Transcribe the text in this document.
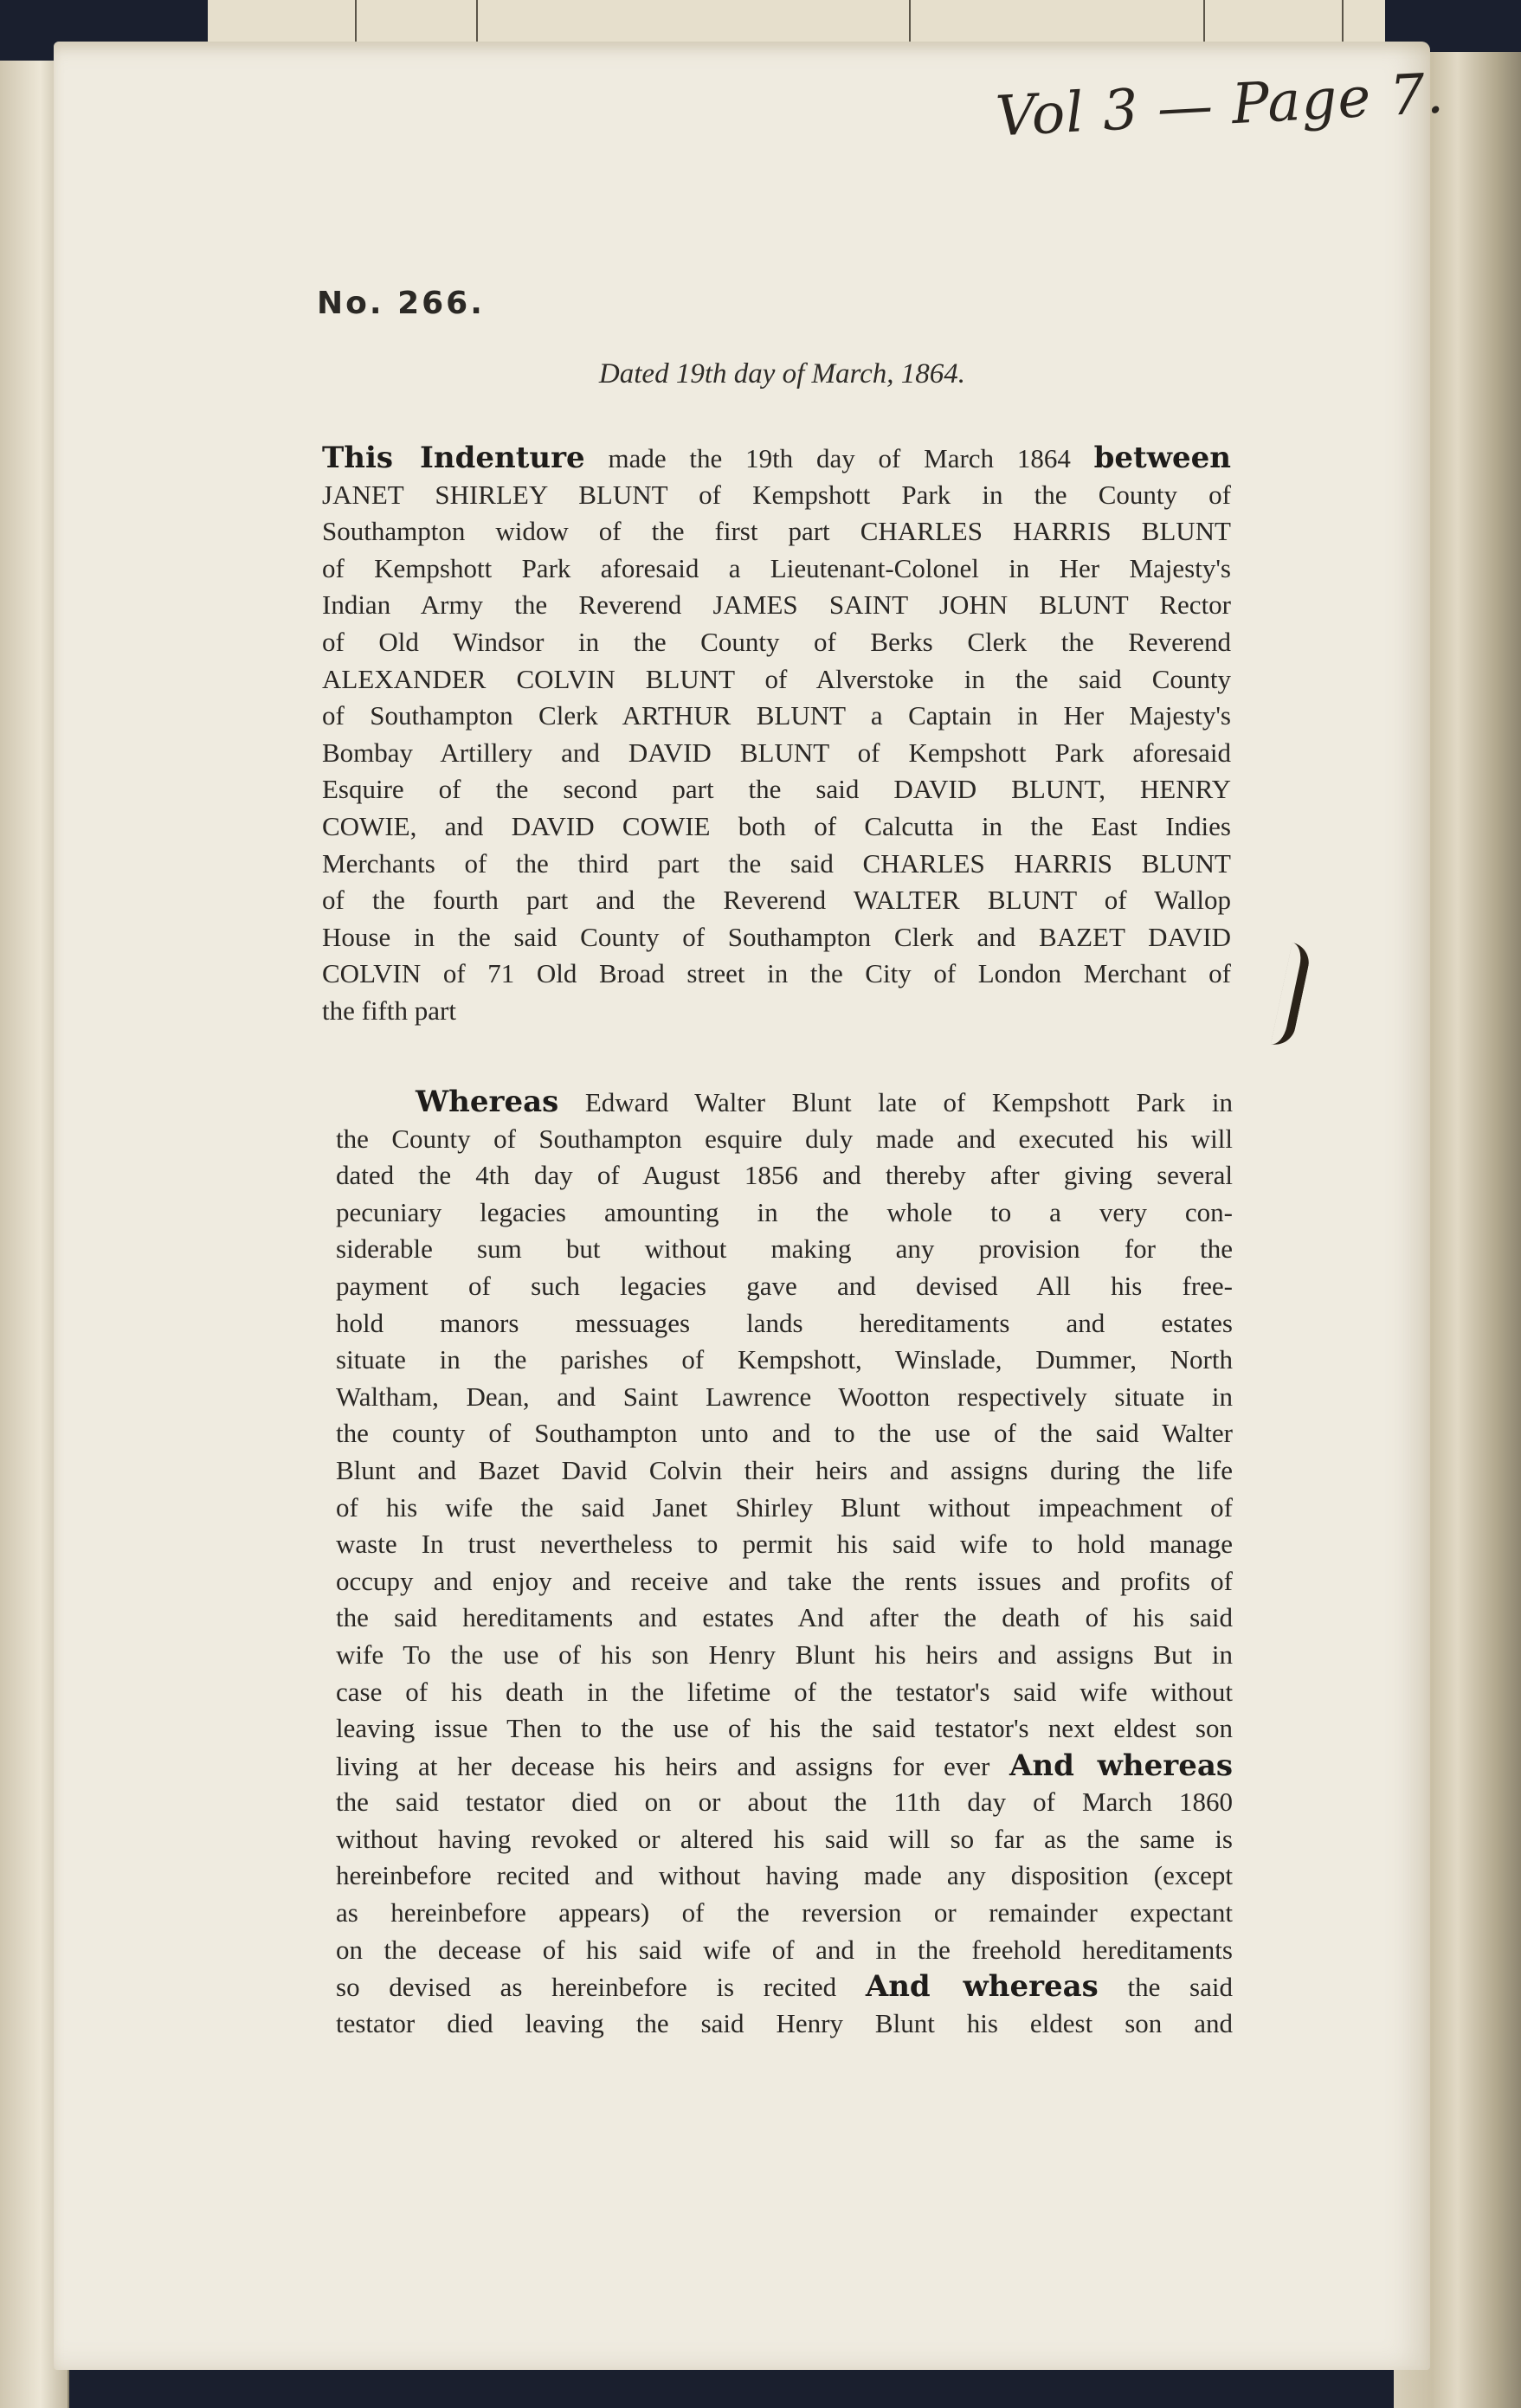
Vol 3 — Page 7.
No. 266.
Dated 19th day of March, 1864.
This Indenture made the 19th day of March 1864 between
JANET SHIRLEY BLUNT of Kempshott Park in the County of
Southampton widow of the first part CHARLES HARRIS BLUNT
of Kempshott Park aforesaid a Lieutenant-Colonel in Her Majesty's
Indian Army the Reverend JAMES SAINT JOHN BLUNT Rector
of Old Windsor in the County of Berks Clerk the Reverend
ALEXANDER COLVIN BLUNT of Alverstoke in the said County
of Southampton Clerk ARTHUR BLUNT a Captain in Her Majesty's
Bombay Artillery and DAVID BLUNT of Kempshott Park aforesaid
Esquire of the second part the said DAVID BLUNT, HENRY
COWIE, and DAVID COWIE both of Calcutta in the East Indies
Merchants of the third part the said CHARLES HARRIS BLUNT
of the fourth part and the Reverend WALTER BLUNT of Wallop
House in the said County of Southampton Clerk and BAZET DAVID
COLVIN of 71 Old Broad street in the City of London Merchant of
the fifth part
Whereas Edward Walter Blunt late of Kempshott Park in
the County of Southampton esquire duly made and executed his will
dated the 4th day of August 1856 and thereby after giving several
pecuniary legacies amounting in the whole to a very con-
siderable sum but without making any provision for the
payment of such legacies gave and devised All his free-
hold manors messuages lands hereditaments and estates
situate in the parishes of Kempshott, Winslade, Dummer, North
Waltham, Dean, and Saint Lawrence Wootton respectively situate in
the county of Southampton unto and to the use of the said Walter
Blunt and Bazet David Colvin their heirs and assigns during the life
of his wife the said Janet Shirley Blunt without impeachment of
waste In trust nevertheless to permit his said wife to hold manage
occupy and enjoy and receive and take the rents issues and profits of
the said hereditaments and estates And after the death of his said
wife To the use of his son Henry Blunt his heirs and assigns But in
case of his death in the lifetime of the testator's said wife without
leaving issue Then to the use of his the said testator's next eldest son
living at her decease his heirs and assigns for ever And whereas
the said testator died on or about the 11th day of March 1860
without having revoked or altered his said will so far as the same is
hereinbefore recited and without having made any disposition (except
as hereinbefore appears) of the reversion or remainder expectant
on the decease of his said wife of and in the freehold hereditaments
so devised as hereinbefore is recited And whereas the said
testator died leaving the said Henry Blunt his eldest son and
